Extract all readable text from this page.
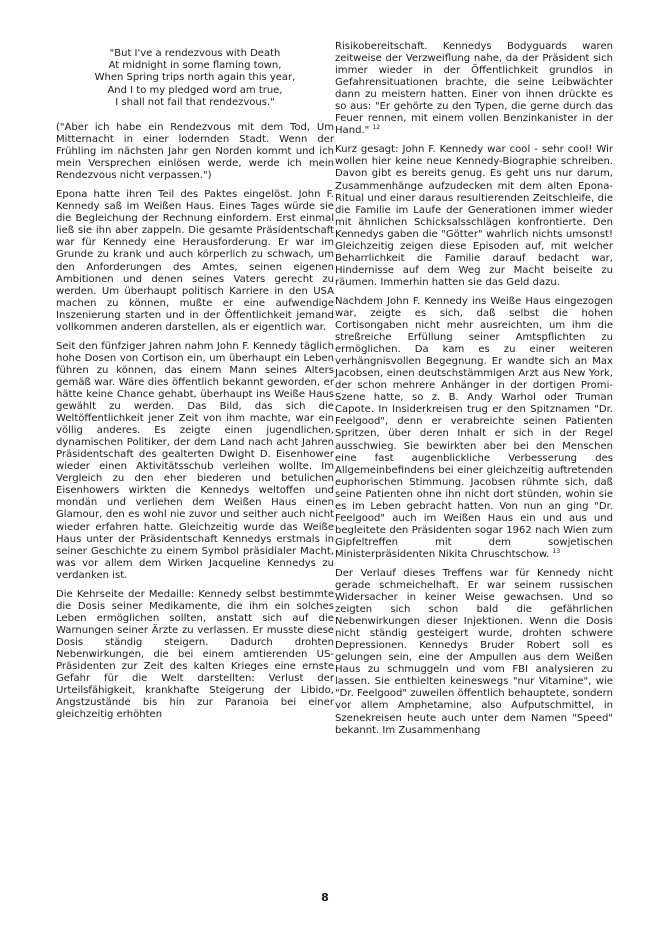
"But I've a rendezvous with Death
At midnight in some flaming town,
When Spring trips north again this year,
And I to my pledged word am true,
I shall not fail that rendezvous."

("Aber ich habe ein Rendezvous mit dem Tod, Um Mitternacht in einer lodernden Stadt. Wenn der Frühling im nächsten Jahr gen Norden kommt und ich mein Versprechen einlösen werde, werde ich mein Rendezvous nicht verpassen.")

Epona hatte ihren Teil des Paktes eingelöst. John F. Kennedy saß im Weißen Haus. Eines Tages würde sie die Begleichung der Rechnung einfordern. Erst einmal ließ sie ihn aber zappeln. Die gesamte Präsidentschaft war für Kennedy eine Herausforderung. Er war im Grunde zu krank und auch körperlich zu schwach, um den Anforderungen des Amtes, seinen eigenen Ambitionen und denen seines Vaters gerecht zu werden. Um überhaupt politisch Karriere in den USA machen zu können, mußte er eine aufwendige Inszenierung starten und in der Öffentlichkeit jemand vollkommen anderen darstellen, als er eigentlich war.

Seit den fünfziger Jahren nahm John F. Kennedy täglich hohe Dosen von Cortison ein, um überhaupt ein Leben führen zu können, das einem Mann seines Alters gemäß war. Wäre dies öffentlich bekannt geworden, er hätte keine Chance gehabt, überhaupt ins Weiße Haus gewählt zu werden. Das Bild, das sich die Weltöffentlichkeit jener Zeit von ihm machte, war ein völlig anderes. Es zeigte einen jugendlichen, dynamischen Politiker, der dem Land nach acht Jahren Präsidentschaft des gealterten Dwight D. Eisenhower wieder einen Aktivitätsschub verleihen wollte. Im Vergleich zu den eher biederen und betulichen Eisenhowers wirkten die Kennedys weltoffen und mondän und verliehen dem Weißen Haus einen Glamour, den es wohl nie zuvor und seither auch nicht wieder erfahren hatte. Gleichzeitig wurde das Weiße Haus unter der Präsidentschaft Kennedys erstmals in seiner Geschichte zu einem Symbol präsidialer Macht, was vor allem dem Wirken Jacqueline Kennedys zu verdanken ist.

Die Kehrseite der Medaille: Kennedy selbst bestimmte die Dosis seiner Medikamente, die ihm ein solches Leben ermöglichen sollten, anstatt sich auf die Warnungen seiner Ärzte zu verlassen. Er musste diese Dosis ständig steigern. Dadurch drohten Nebenwirkungen, die bei einem amtierenden US-Präsidenten zur Zeit des kalten Krieges eine ernste Gefahr für die Welt darstellten: Verlust der Urteilsfähigkeit, krankhafte Steigerung der Libido, Angstzustände bis hin zur Paranoia bei einer gleichzeitig erhöhten

Risikobereitschaft. Kennedys Bodyguards waren zeitweise der Verzweiflung nahe, da der Präsident sich immer wieder in der Öffentlichkeit grundlos in Gefahrensituationen brachte, die seine Leibwächter dann zu meistern hatten. Einer von ihnen drückte es so aus: "Er gehörte zu den Typen, die gerne durch das Feuer rennen, mit einem vollen Benzinkanister in der Hand." $^{12}$

Kurz gesagt: John F. Kennedy war cool - sehr cool! Wir wollen hier keine neue Kennedy-Biographie schreiben. Davon gibt es bereits genug. Es geht uns nur darum, Zusammenhänge aufzudecken mit dem alten Epona-Ritual und einer daraus resultierenden Zeitschleife, die die Familie im Laufe der Generationen immer wieder mit ähnlichen Schicksalsschlägen konfrontierte. Den Kennedys gaben die "Götter" wahrlich nichts umsonst! Gleichzeitig zeigen diese Episoden auf, mit welcher Beharrlichkeit die Familie darauf bedacht war, Hindernisse auf dem Weg zur Macht beiseite zu räumen. Immerhin hatten sie das Geld dazu.

Nachdem John F. Kennedy ins Weiße Haus eingezogen war, zeigte es sich, daß selbst die hohen Cortisongaben nicht mehr ausreichten, um ihm die streßreiche Erfüllung seiner Amtspflichten zu ermöglichen. Da kam es zu einer weiteren verhängnisvollen Begegnung. Er wandte sich an Max Jacobsen, einen deutschstämmigen Arzt aus New York, der schon mehrere Anhänger in der dortigen Promi-Szene hatte, so z. B. Andy Warhol oder Truman Capote. In Insiderkreisen trug er den Spitznamen "Dr. Feelgood", denn er verabreichte seinen Patienten Spritzen, über deren Inhalt er sich in der Regel ausschwieg. Sie bewirkten aber bei den Menschen eine fast augenblickliche Verbesserung des Allgemeinbefindens bei einer gleichzeitig auftretenden euphorischen Stimmung. Jacobsen rühmte sich, daß seine Patienten ohne ihn nicht dort stünden, wohin sie es im Leben gebracht hatten. Von nun an ging "Dr. Feelgood" auch im Weißen Haus ein und aus und begleitete den Präsidenten sogar 1962 nach Wien zum Gipfeltreffen mit dem sowjetischen Ministerpräsidenten Nikita Chruschtschow. $^{13}$

Der Verlauf dieses Treffens war für Kennedy nicht gerade schmeichelhaft. Er war seinem russischen Widersacher in keiner Weise gewachsen. Und so zeigten sich schon bald die gefährlichen Nebenwirkungen dieser Injektionen. Wenn die Dosis nicht ständig gesteigert wurde, drohten schwere Depressionen. Kennedys Bruder Robert soll es gelungen sein, eine der Ampullen aus dem Weißen Haus zu schmuggeln und vom FBI analysieren zu lassen. Sie enthielten keineswegs "nur Vitamine", wie "Dr. Feelgood" zuweilen öffentlich behauptete, sondern vor allem Amphetamine, also Aufputschmittel, in Szenekreisen heute auch unter dem Namen "Speed" bekannt. Im Zusammenhang

8
